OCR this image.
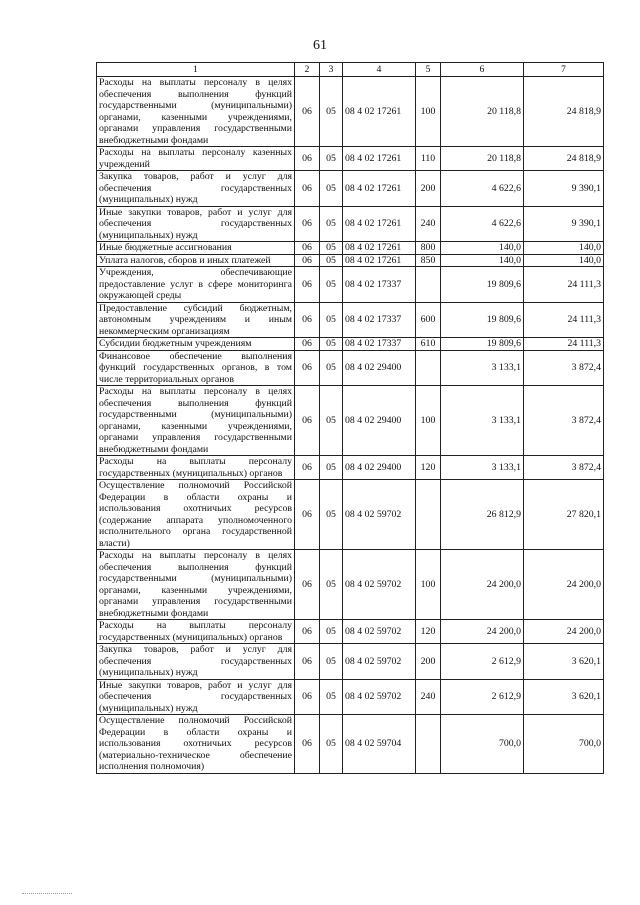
61
1	2	3	4	5	6	7
Расходы на выплаты персоналу в целях обеспечения выполнения функций государственными (муниципальными) органами, казенными учреждениями, органами управления государственными внебюджетными фондами	06	05	08 4 02 17261	100	20 118,8	24 818,9
Расходы на выплаты персоналу казенных учреждений	06	05	08 4 02 17261	110	20 118,8	24 818,9
Закупка товаров, работ и услуг для обеспечения государственных (муниципальных) нужд	06	05	08 4 02 17261	200	4 622,6	9 390,1
Иные закупки товаров, работ и услуг для обеспечения государственных (муниципальных) нужд	06	05	08 4 02 17261	240	4 622,6	9 390,1
Иные бюджетные ассигнования	06	05	08 4 02 17261	800	140,0	140,0
Уплата налогов, сборов и иных платежей	06	05	08 4 02 17261	850	140,0	140,0
Учреждения, обеспечивающие предоставление услуг в сфере мониторинга окружающей среды	06	05	08 4 02 17337		19 809,6	24 111,3
Предоставление субсидий бюджетным, автономным учреждениям и иным некоммерческим организациям	06	05	08 4 02 17337	600	19 809,6	24 111,3
Субсидии бюджетным учреждениям	06	05	08 4 02 17337	610	19 809,6	24 111,3
Финансовое обеспечение выполнения функций государственных органов, в том числе территориальных органов	06	05	08 4 02 29400		3 133,1	3 872,4
Расходы на выплаты персоналу в целях обеспечения выполнения функций государственными (муниципальными) органами, казенными учреждениями, органами управления государственными внебюджетными фондами	06	05	08 4 02 29400	100	3 133,1	3 872,4
Расходы на выплаты персоналу государственных (муниципальных) органов	06	05	08 4 02 29400	120	3 133,1	3 872,4
Осуществление полномочий Российской Федерации в области охраны и использования охотничьих ресурсов (содержание аппарата уполномоченного исполнительного органа государственной власти)	06	05	08 4 02 59702		26 812,9	27 820,1
Расходы на выплаты персоналу в целях обеспечения выполнения функций государственными (муниципальными) органами, казенными учреждениями, органами управления государственными внебюджетными фондами	06	05	08 4 02 59702	100	24 200,0	24 200,0
Расходы на выплаты персоналу государственных (муниципальных) органов	06	05	08 4 02 59702	120	24 200,0	24 200,0
Закупка товаров, работ и услуг для обеспечения государственных (муниципальных) нужд	06	05	08 4 02 59702	200	2 612,9	3 620,1
Иные закупки товаров, работ и услуг для обеспечения государственных (муниципальных) нужд	06	05	08 4 02 59702	240	2 612,9	3 620,1
Осуществление полномочий Российской Федерации в области охраны и использования охотничьих ресурсов (материально-техническое обеспечение исполнения полномочия)	06	05	08 4 02 59704		700,0	700,0
